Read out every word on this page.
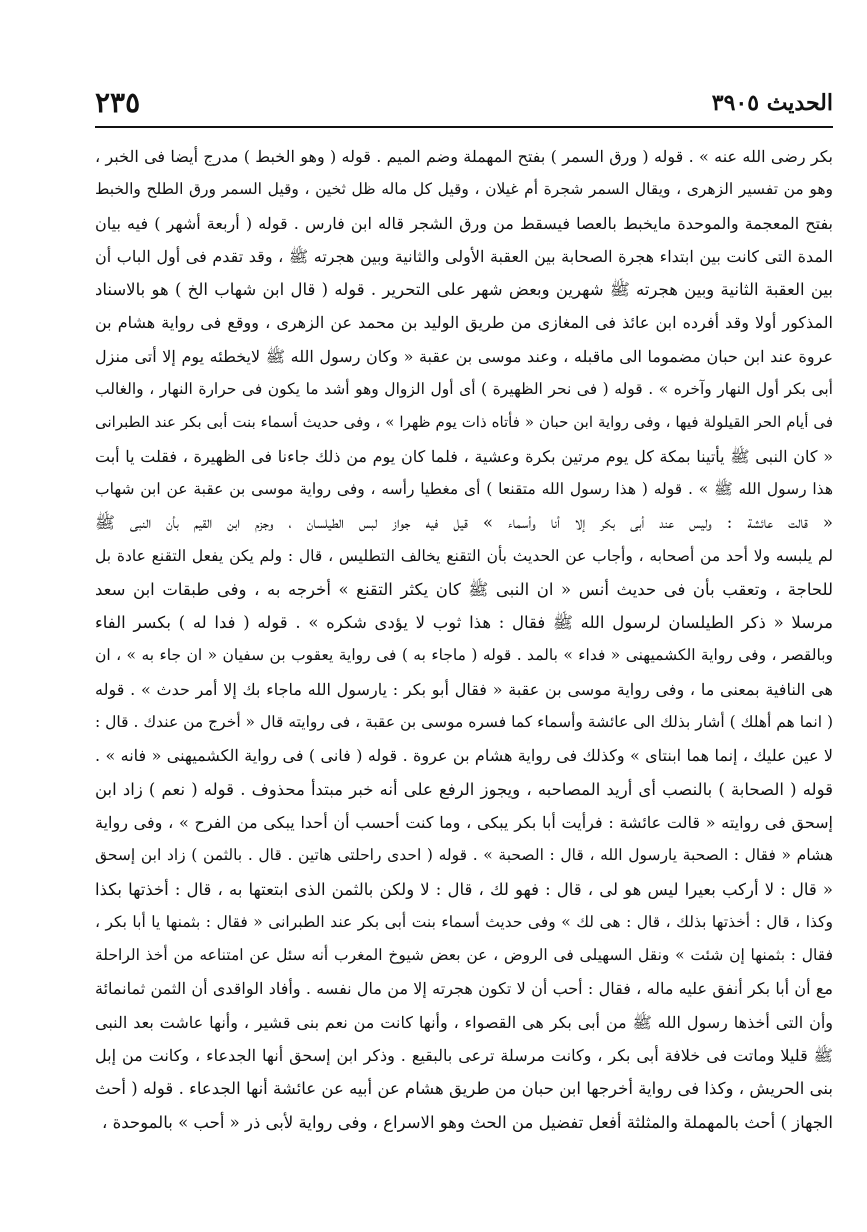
الحديث ٣٩٠٥
٢٣٥
بكر رضى الله عنه » . قوله ( ورق السمر ) بفتح المهملة وضم الميم . قوله ( وهو الخبط ) مدرج أيضا فى الخبر ،
وهو من تفسير الزهرى ، ويقال السمر شجرة أم غيلان ، وقيل كل ماله ظل ثخين ، وقيل السمر ورق الطلح والخبط
بفتح المعجمة والموحدة مايخبط بالعصا فيسقط من ورق الشجر قاله ابن فارس . قوله ( أربعة أشهر ) فيه بيان
المدة التى كانت بين ابتداء هجرة الصحابة بين العقبة الأولى والثانية وبين هجرته ﷺ ، وقد تقدم فى أول الباب أن
بين العقبة الثانية وبين هجرته ﷺ شهرين وبعض شهر على التحرير . قوله ( قال ابن شهاب الخ ) هو بالاسناد
المذكور أولا وقد أفرده ابن عائذ فى المغازى من طريق الوليد بن محمد عن الزهرى ، ووقع فى رواية هشام بن
عروة عند ابن حبان مضموما الى ماقبله ، وعند موسى بن عقبة « وكان رسول الله ﷺ لايخطئه يوم إلا أتى منزل
أبى بكر أول النهار وآخره » . قوله ( فى نحر الظهيرة ) أى أول الزوال وهو أشد ما يكون فى حرارة النهار ، والغالب
فى أيام الحر القيلولة فيها ، وفى رواية ابن حبان « فأتاه ذات يوم ظهرا » ، وفى حديث أسماء بنت أبى بكر عند الطبرانى
« كان النبى ﷺ يأتينا بمكة كل يوم مرتين بكرة وعشية ، فلما كان يوم من ذلك جاءنا فى الظهيرة ، فقلت يا أبت
هذا رسول الله ﷺ » . قوله ( هذا رسول الله متقنعا ) أى مغطيا رأسه ، وفى رواية موسى بن عقبة عن ابن شهاب
« قالت عائشة : وليس عند أبى بكر إلا أنا وأسماء » قيل فيه جواز لبس الطيلسان ، وجزم ابن القيم بأن النبى ﷺ
لم يلبسه ولا أحد من أصحابه ، وأجاب عن الحديث بأن التقنع يخالف التطليس ، قال : ولم يكن يفعل التقنع عادة بل
للحاجة ، وتعقب بأن فى حديث أنس « ان النبى ﷺ كان يكثر التقنع » أخرجه به ، وفى طبقات ابن سعد
مرسلا « ذكر الطيلسان لرسول الله ﷺ فقال : هذا ثوب لا يؤدى شكره » . قوله ( فدا له ) بكسر الفاء
وبالقصر ، وفى رواية الكشميهنى « فداء » بالمد . قوله ( ماجاء به ) فى رواية يعقوب بن سفيان « ان جاء به » ، ان
هى النافية بمعنى ما ، وفى رواية موسى بن عقبة « فقال أبو بكر : يارسول الله ماجاء بك إلا أمر حدث » . قوله
( انما هم أهلك ) أشار بذلك الى عائشة وأسماء كما فسره موسى بن عقبة ، فى روايته قال « أخرج من عندك . قال :
لا عين عليك ، إنما هما ابنتاى » وكذلك فى رواية هشام بن عروة . قوله ( فانى ) فى رواية الكشميهنى « فانه » .
قوله ( الصحابة ) بالنصب أى أريد المصاحبه ، ويجوز الرفع على أنه خبر مبتدأ محذوف . قوله ( نعم ) زاد ابن
إسحق فى روايته « قالت عائشة : فرأيت أبا بكر يبكى ، وما كنت أحسب أن أحدا يبكى من الفرح » ، وفى رواية
هشام « فقال : الصحبة يارسول الله ، قال : الصحبة » . قوله ( احدى راحلتى هاتين . قال . بالثمن ) زاد ابن إسحق
« قال : لا أركب بعيرا ليس هو لى ، قال : فهو لك ، قال : لا ولكن بالثمن الذى ابتعتها به ، قال : أخذتها بكذا
وكذا ، قال : أخذتها بذلك ، قال : هى لك » وفى حديث أسماء بنت أبى بكر عند الطبرانى « فقال : بثمنها يا أبا بكر ،
فقال : بثمنها إن شئت » ونقل السهيلى فى الروض ، عن بعض شيوخ المغرب أنه سئل عن امتناعه من أخذ الراحلة
مع أن أبا بكر أنفق عليه ماله ، فقال : أحب أن لا تكون هجرته إلا من مال نفسه . وأفاد الواقدى أن الثمن ثمانمائة
وأن التى أخذها رسول الله ﷺ من أبى بكر هى القصواء ، وأنها كانت من نعم بنى قشير ، وأنها عاشت بعد النبى
ﷺ قليلا وماتت فى خلافة أبى بكر ، وكانت مرسلة ترعى بالبقيع . وذكر ابن إسحق أنها الجدعاء ، وكانت من إبل
بنى الحريش ، وكذا فى رواية أخرجها ابن حبان من طريق هشام عن أبيه عن عائشة أنها الجدعاء . قوله ( أحث
الجهاز ) أحث بالمهملة والمثلثة أفعل تفضيل من الحث وهو الاسراع ، وفى رواية لأبى ذر « أحب » بالموحدة ،
